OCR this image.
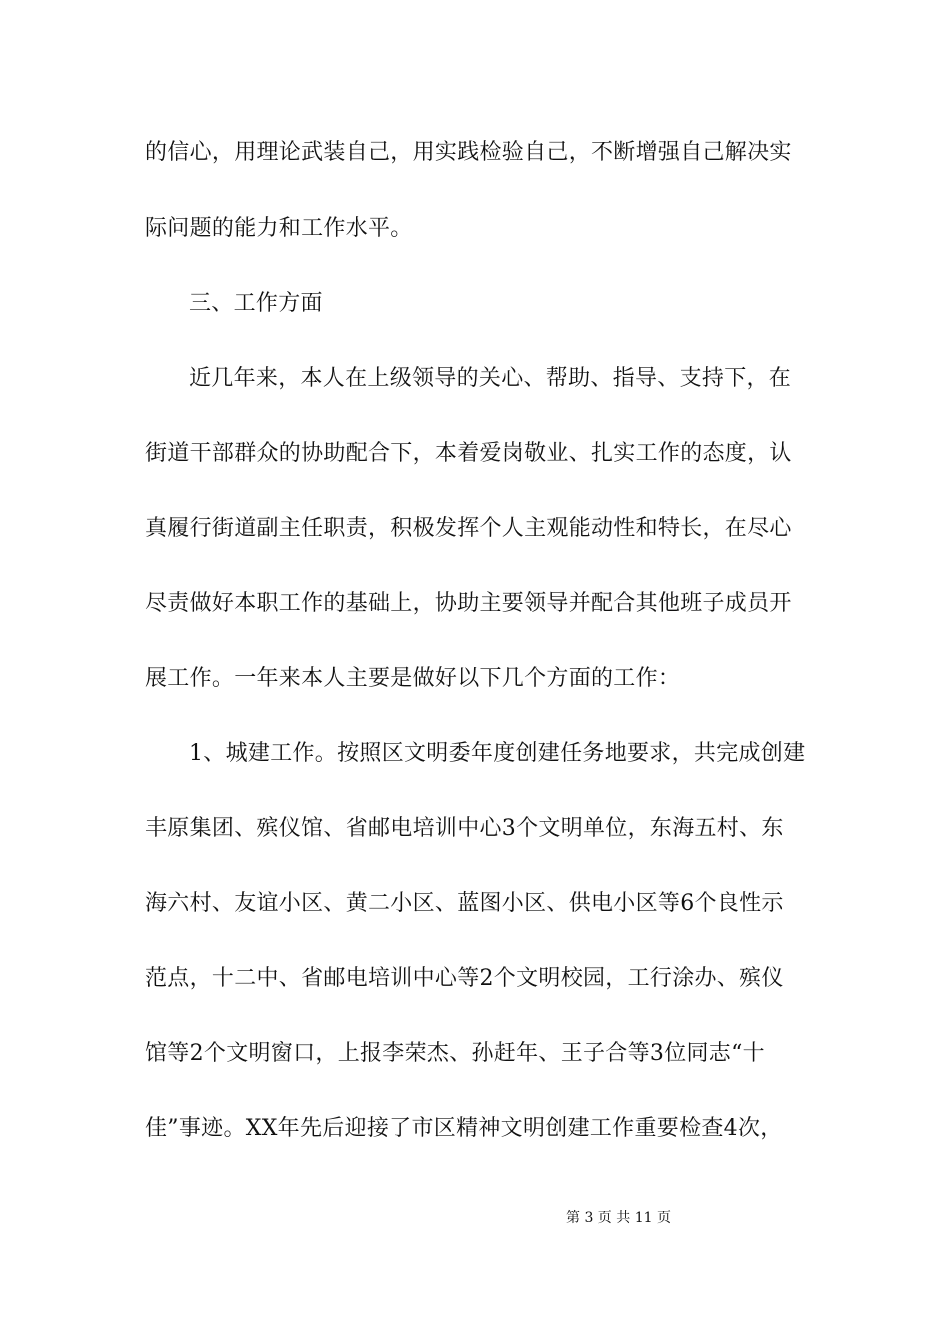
的信心，用理论武装自己，用实践检验自己，不断增强自己解决实
际问题的能力和工作水平。
三、工作方面
近几年来，本人在上级领导的关心、帮助、指导、支持下，在
街道干部群众的协助配合下，本着爱岗敬业、扎实工作的态度，认
真履行街道副主任职责，积极发挥个人主观能动性和特长，在尽心
尽责做好本职工作的基础上，协助主要领导并配合其他班子成员开
展工作。一年来本人主要是做好以下几个方面的工作：
1、城建工作。按照区文明委年度创建任务地要求，共完成创建
丰原集团、殡仪馆、省邮电培训中心3个文明单位，东海五村、东
海六村、友谊小区、黄二小区、蓝图小区、供电小区等6个良性示
范点，十二中、省邮电培训中心等2个文明校园，工行涂办、殡仪
馆等2个文明窗口，上报李荣杰、孙赶年、王子合等3位同志“十
佳”事迹。XX年先后迎接了市区精神文明创建工作重要检查4次，
第 3 页 共 11 页
